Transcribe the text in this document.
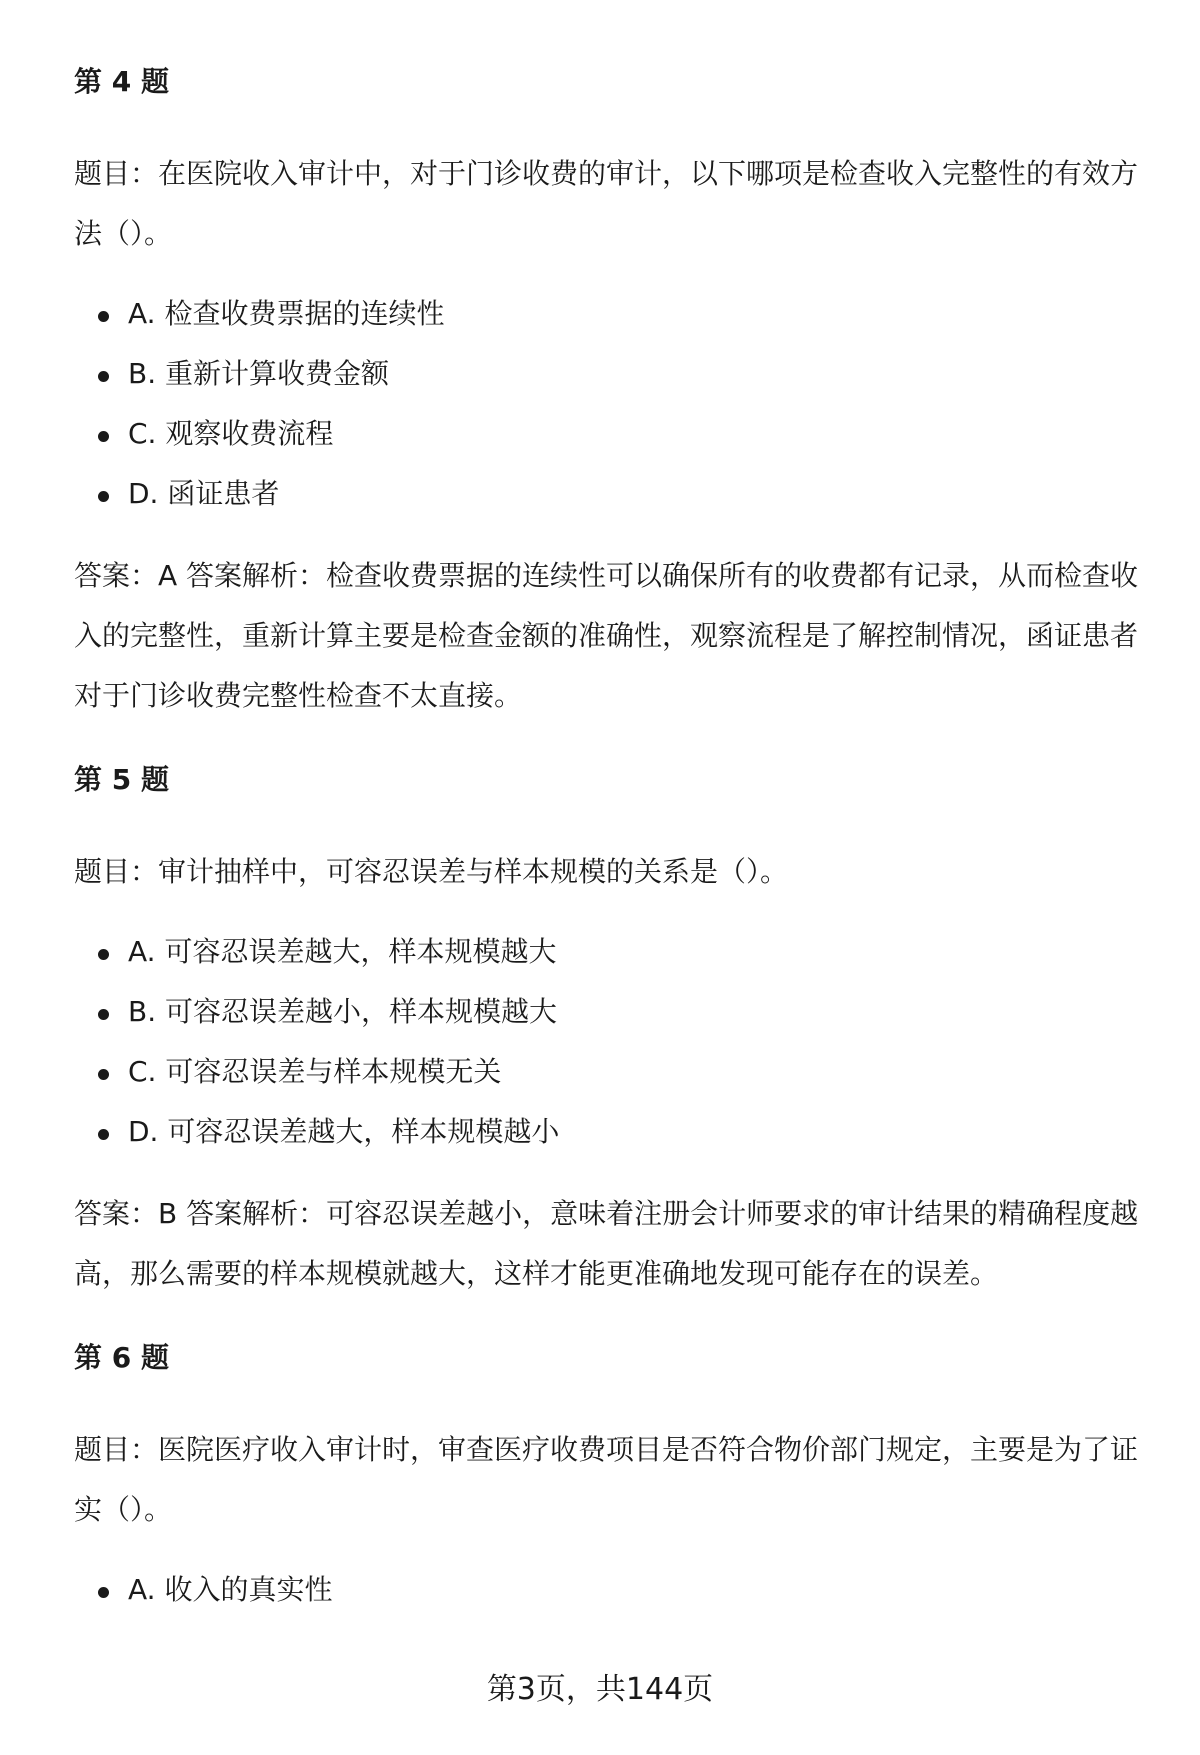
第 4 题

题目：在医院收入审计中，对于门诊收费的审计，以下哪项是检查收入完整性的有效方法（）。

A. 检查收费票据的连续性
B. 重新计算收费金额
C. 观察收费流程
D. 函证患者

答案：A 答案解析：检查收费票据的连续性可以确保所有的收费都有记录，从而检查收入的完整性，重新计算主要是检查金额的准确性，观察流程是了解控制情况，函证患者对于门诊收费完整性检查不太直接。

第 5 题

题目：审计抽样中，可容忍误差与样本规模的关系是（）。

A. 可容忍误差越大，样本规模越大
B. 可容忍误差越小，样本规模越大
C. 可容忍误差与样本规模无关
D. 可容忍误差越大，样本规模越小

答案：B 答案解析：可容忍误差越小，意味着注册会计师要求的审计结果的精确程度越高，那么需要的样本规模就越大，这样才能更准确地发现可能存在的误差。

第 6 题

题目：医院医疗收入审计时，审查医疗收费项目是否符合物价部门规定，主要是为了证实（）。

A. 收入的真实性
第3页，共144页
